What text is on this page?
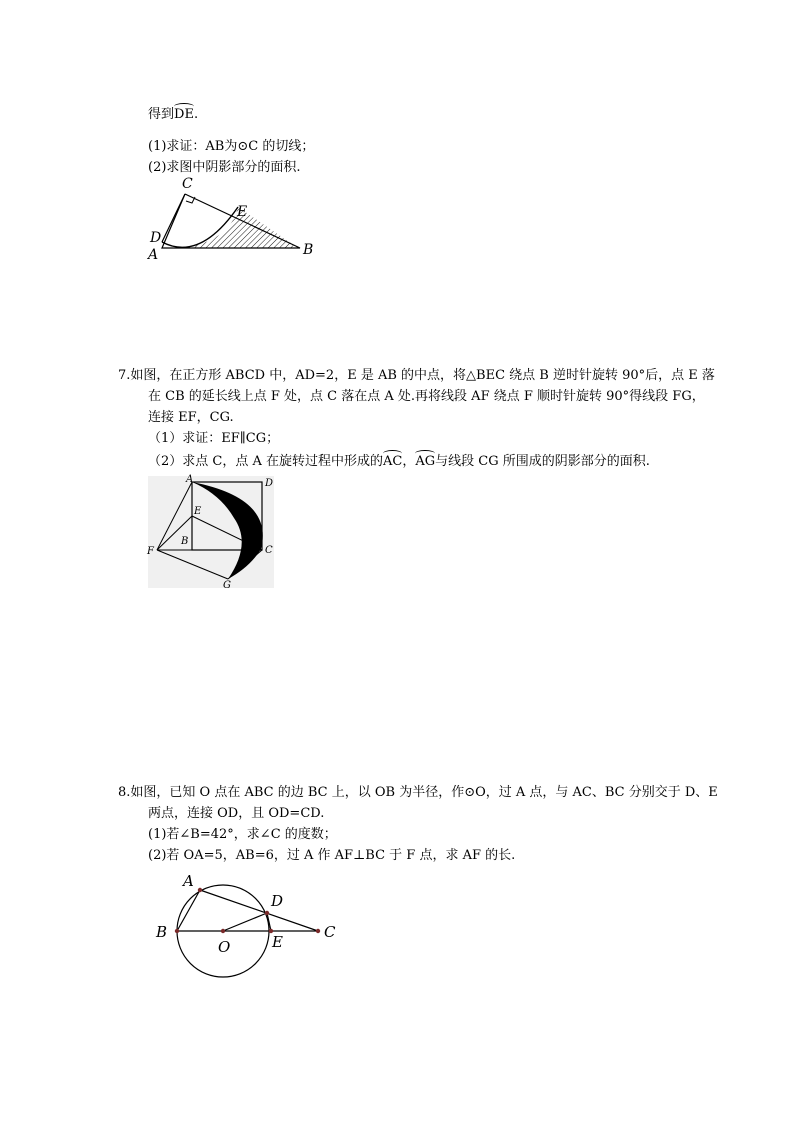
得到DE.
(1)求证：AB为⊙C 的切线；
(2)求图中阴影部分的面积.
C
E
D
A	B
7.如图，在正方形 ABCD 中，AD=2，E 是 AB 的中点，将△BEC 绕点 B 逆时针旋转 90°后，点 E 落
在 CB 的延长线上点 F 处，点 C 落在点 A 处.再将线段 AF 绕点 F 顺时针旋转 90°得线段 FG，
连接 EF，CG.
（1）求证：EF∥CG；
（2）求点 C，点 A 在旋转过程中形成的AC，AG与线段 CG 所围成的阴影部分的面积.
A	D
E
B
F	C
G
8.如图，已知 O 点在 ABC 的边 BC 上，以 OB 为半径，作⊙O，过 A 点，与 AC、BC 分别交于 D、E
两点，连接 OD，且 OD=CD.
(1)若∠B=42°，求∠C 的度数；
(2)若 OA=5，AB=6，过 A 作 AF⊥BC 于 F 点，求 AF 的长.
A
D
B
O	E
C
